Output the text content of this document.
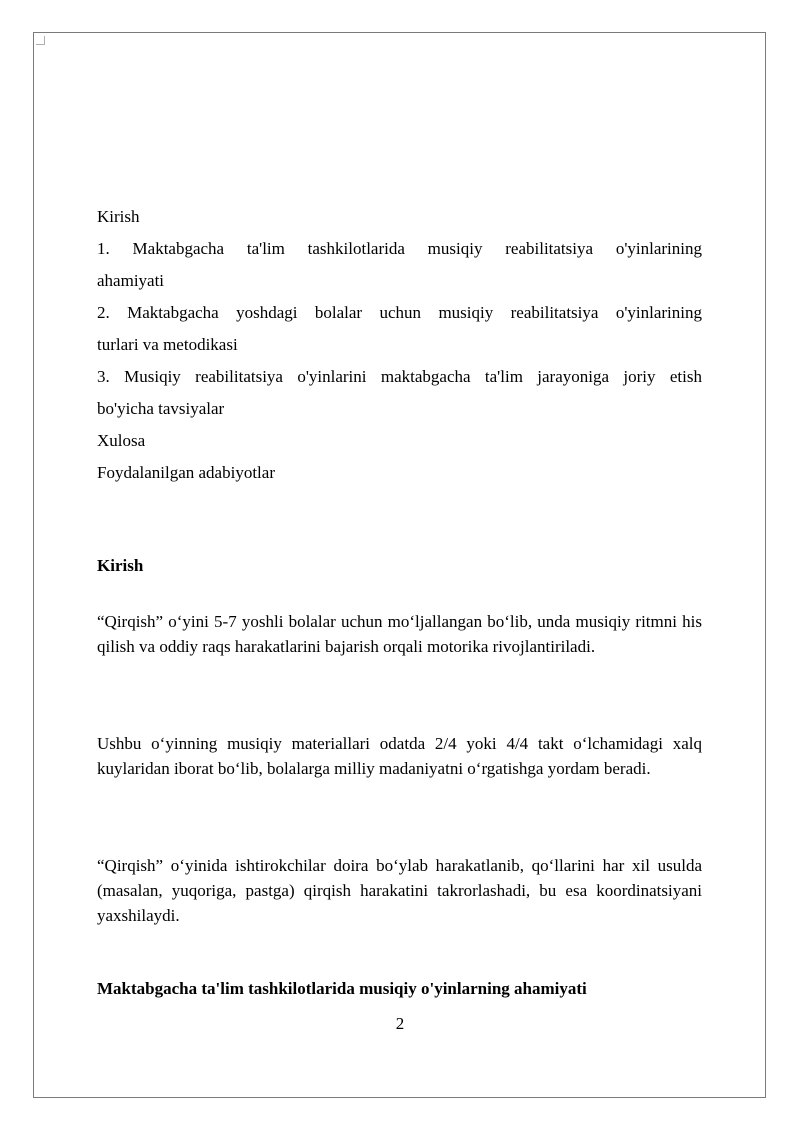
Kirish

1. Maktabgacha ta'lim tashkilotlarida musiqiy reabilitatsiya o'yinlarining
ahamiyati

2. Maktabgacha yoshdagi bolalar uchun musiqiy reabilitatsiya o'yinlarining
turlari va metodikasi

3. Musiqiy reabilitatsiya o'yinlarini maktabgacha ta'lim jarayoniga joriy etish
bo'yicha tavsiyalar

Xulosa

Foydalanilgan adabiyotlar

Kirish

“Qirqish” o‘yini 5-7 yoshli bolalar uchun mo‘ljallangan bo‘lib, unda musiqiy ritmni his qilish va oddiy raqs harakatlarini bajarish orqali motorika rivojlantiriladi.

Ushbu o‘yinning musiqiy materiallari odatda 2/4 yoki 4/4 takt o‘lchamidagi xalq kuylaridan iborat bo‘lib, bolalarga milliy madaniyatni o‘rgatishga yordam beradi.

“Qirqish” o‘yinida ishtirokchilar doira bo‘ylab harakatlanib, qo‘llarini har xil usulda (masalan, yuqoriga, pastga) qirqish harakatini takrorlashadi, bu esa koordinatsiyani yaxshilaydi.

Maktabgacha ta'lim tashkilotlarida musiqiy o'yinlarning ahamiyati
2
